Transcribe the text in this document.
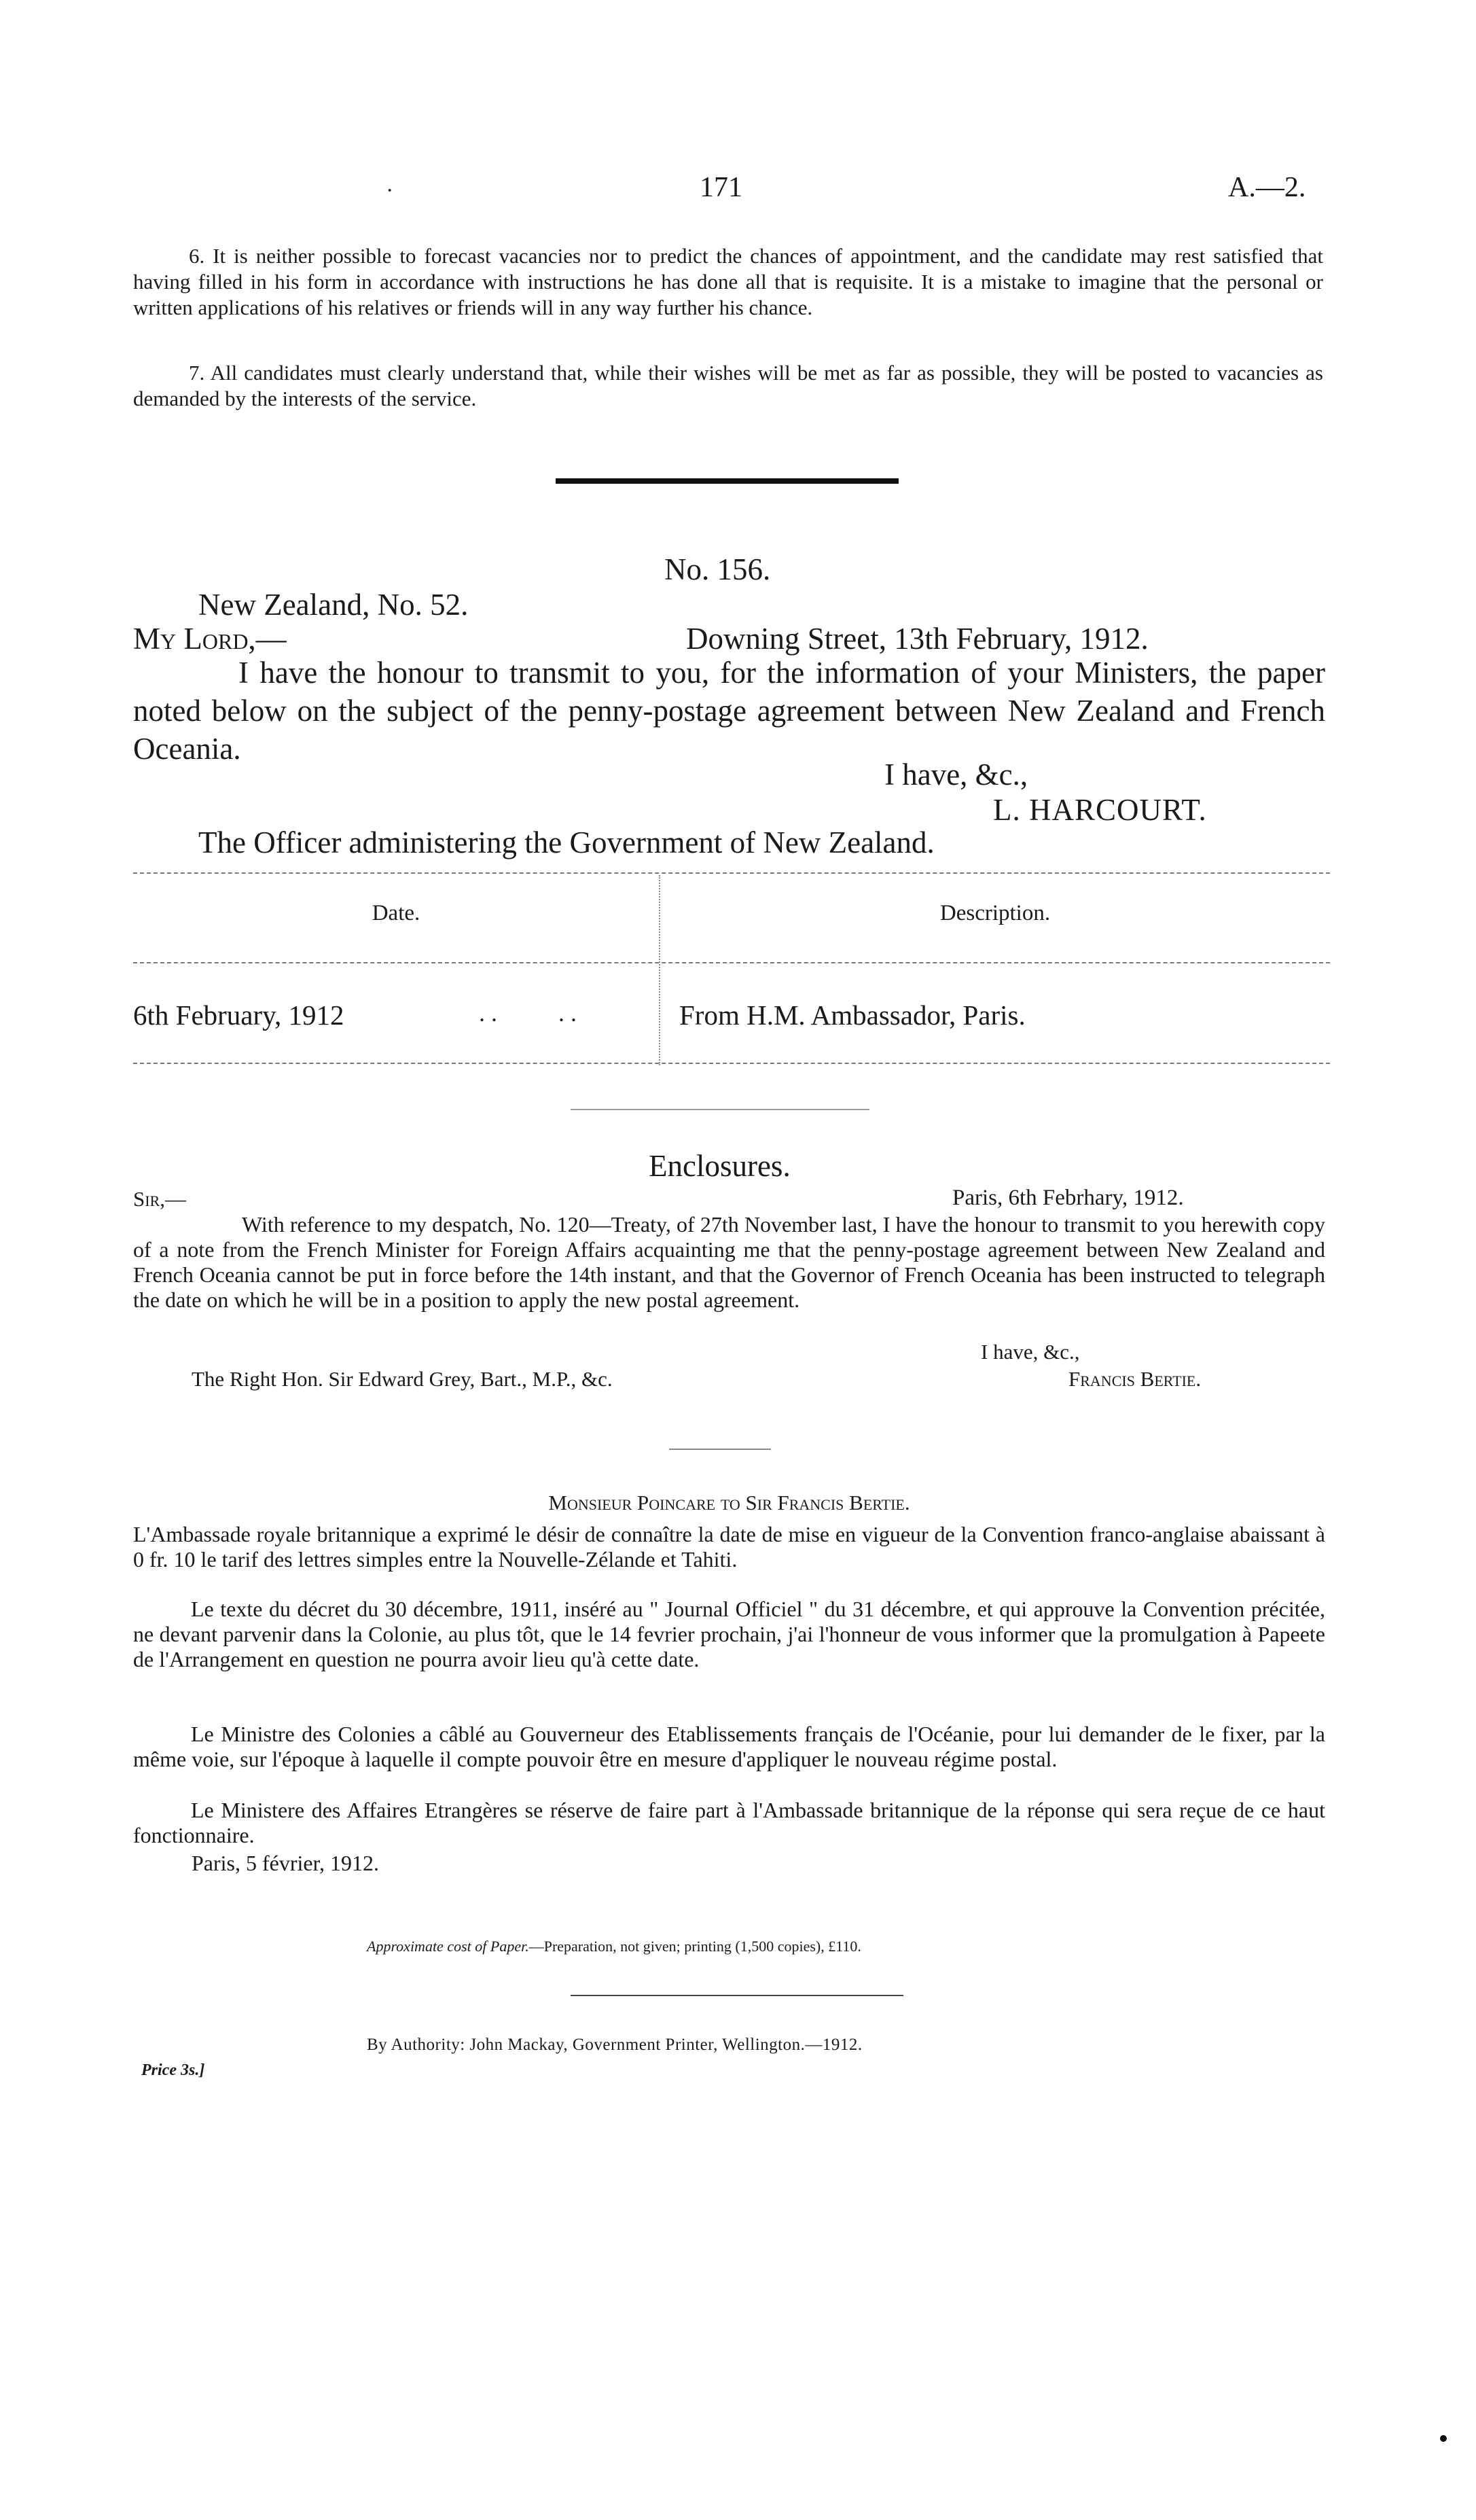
·	171	A.—2.
6. It is neither possible to forecast vacancies nor to predict the chances of appointment, and the candidate may rest satisfied that having filled in his form in accordance with instructions he has done all that is requisite. It is a mistake to imagine that the personal or written applications of his relatives or friends will in any way further his chance.
7. All candidates must clearly understand that, while their wishes will be met as far as possible, they will be posted to vacancies as demanded by the interests of the service.
No. 156.
New Zealand, No. 52.
My Lord,—	Downing Street, 13th February, 1912.
I have the honour to transmit to you, for the information of your Ministers, the paper noted below on the subject of the penny-postage agreement between New Zealand and French Oceania.
I have, &c.,
L. HARCOURT.
The Officer administering the Government of New Zealand.
Date.	Description.
6th February, 1912	. .          . .	From H.M. Ambassador, Paris.
Enclosures.
Sir,—	Paris, 6th Febrhary, 1912.
With reference to my despatch, No. 120—Treaty, of 27th November last, I have the honour to transmit to you herewith copy of a note from the French Minister for Foreign Affairs acquainting me that the penny-postage agreement between New Zealand and French Oceania cannot be put in force before the 14th instant, and that the Governor of French Oceania has been instructed to telegraph the date on which he will be in a position to apply the new postal agreement.
I have, &c.,
The Right Hon. Sir Edward Grey, Bart., M.P., &c.	Francis Bertie.
Monsieur Poincare to Sir Francis Bertie.
L'Ambassade royale britannique a exprimé le désir de connaître la date de mise en vigueur de la Convention franco-anglaise abaissant à 0 fr. 10 le tarif des lettres simples entre la Nouvelle-Zélande et Tahiti.
Le texte du décret du 30 décembre, 1911, inséré au " Journal Officiel " du 31 décembre, et qui approuve la Convention précitée, ne devant parvenir dans la Colonie, au plus tôt, que le 14 fevrier prochain, j'ai l'honneur de vous informer que la promulgation à Papeete de l'Arrangement en question ne pourra avoir lieu qu'à cette date.
Le Ministre des Colonies a câblé au Gouverneur des Etablissements français de l'Océanie, pour lui demander de le fixer, par la même voie, sur l'époque à laquelle il compte pouvoir être en mesure d'appliquer le nouveau régime postal.
Le Ministere des Affaires Etrangères se réserve de faire part à l'Ambassade britannique de la réponse qui sera reçue de ce haut fonctionnaire.
Paris, 5 février, 1912.
Approximate cost of Paper.—Preparation, not given; printing (1,500 copies), £110.
By Authority: John Mackay, Government Printer, Wellington.—1912.
Price 3s.]
